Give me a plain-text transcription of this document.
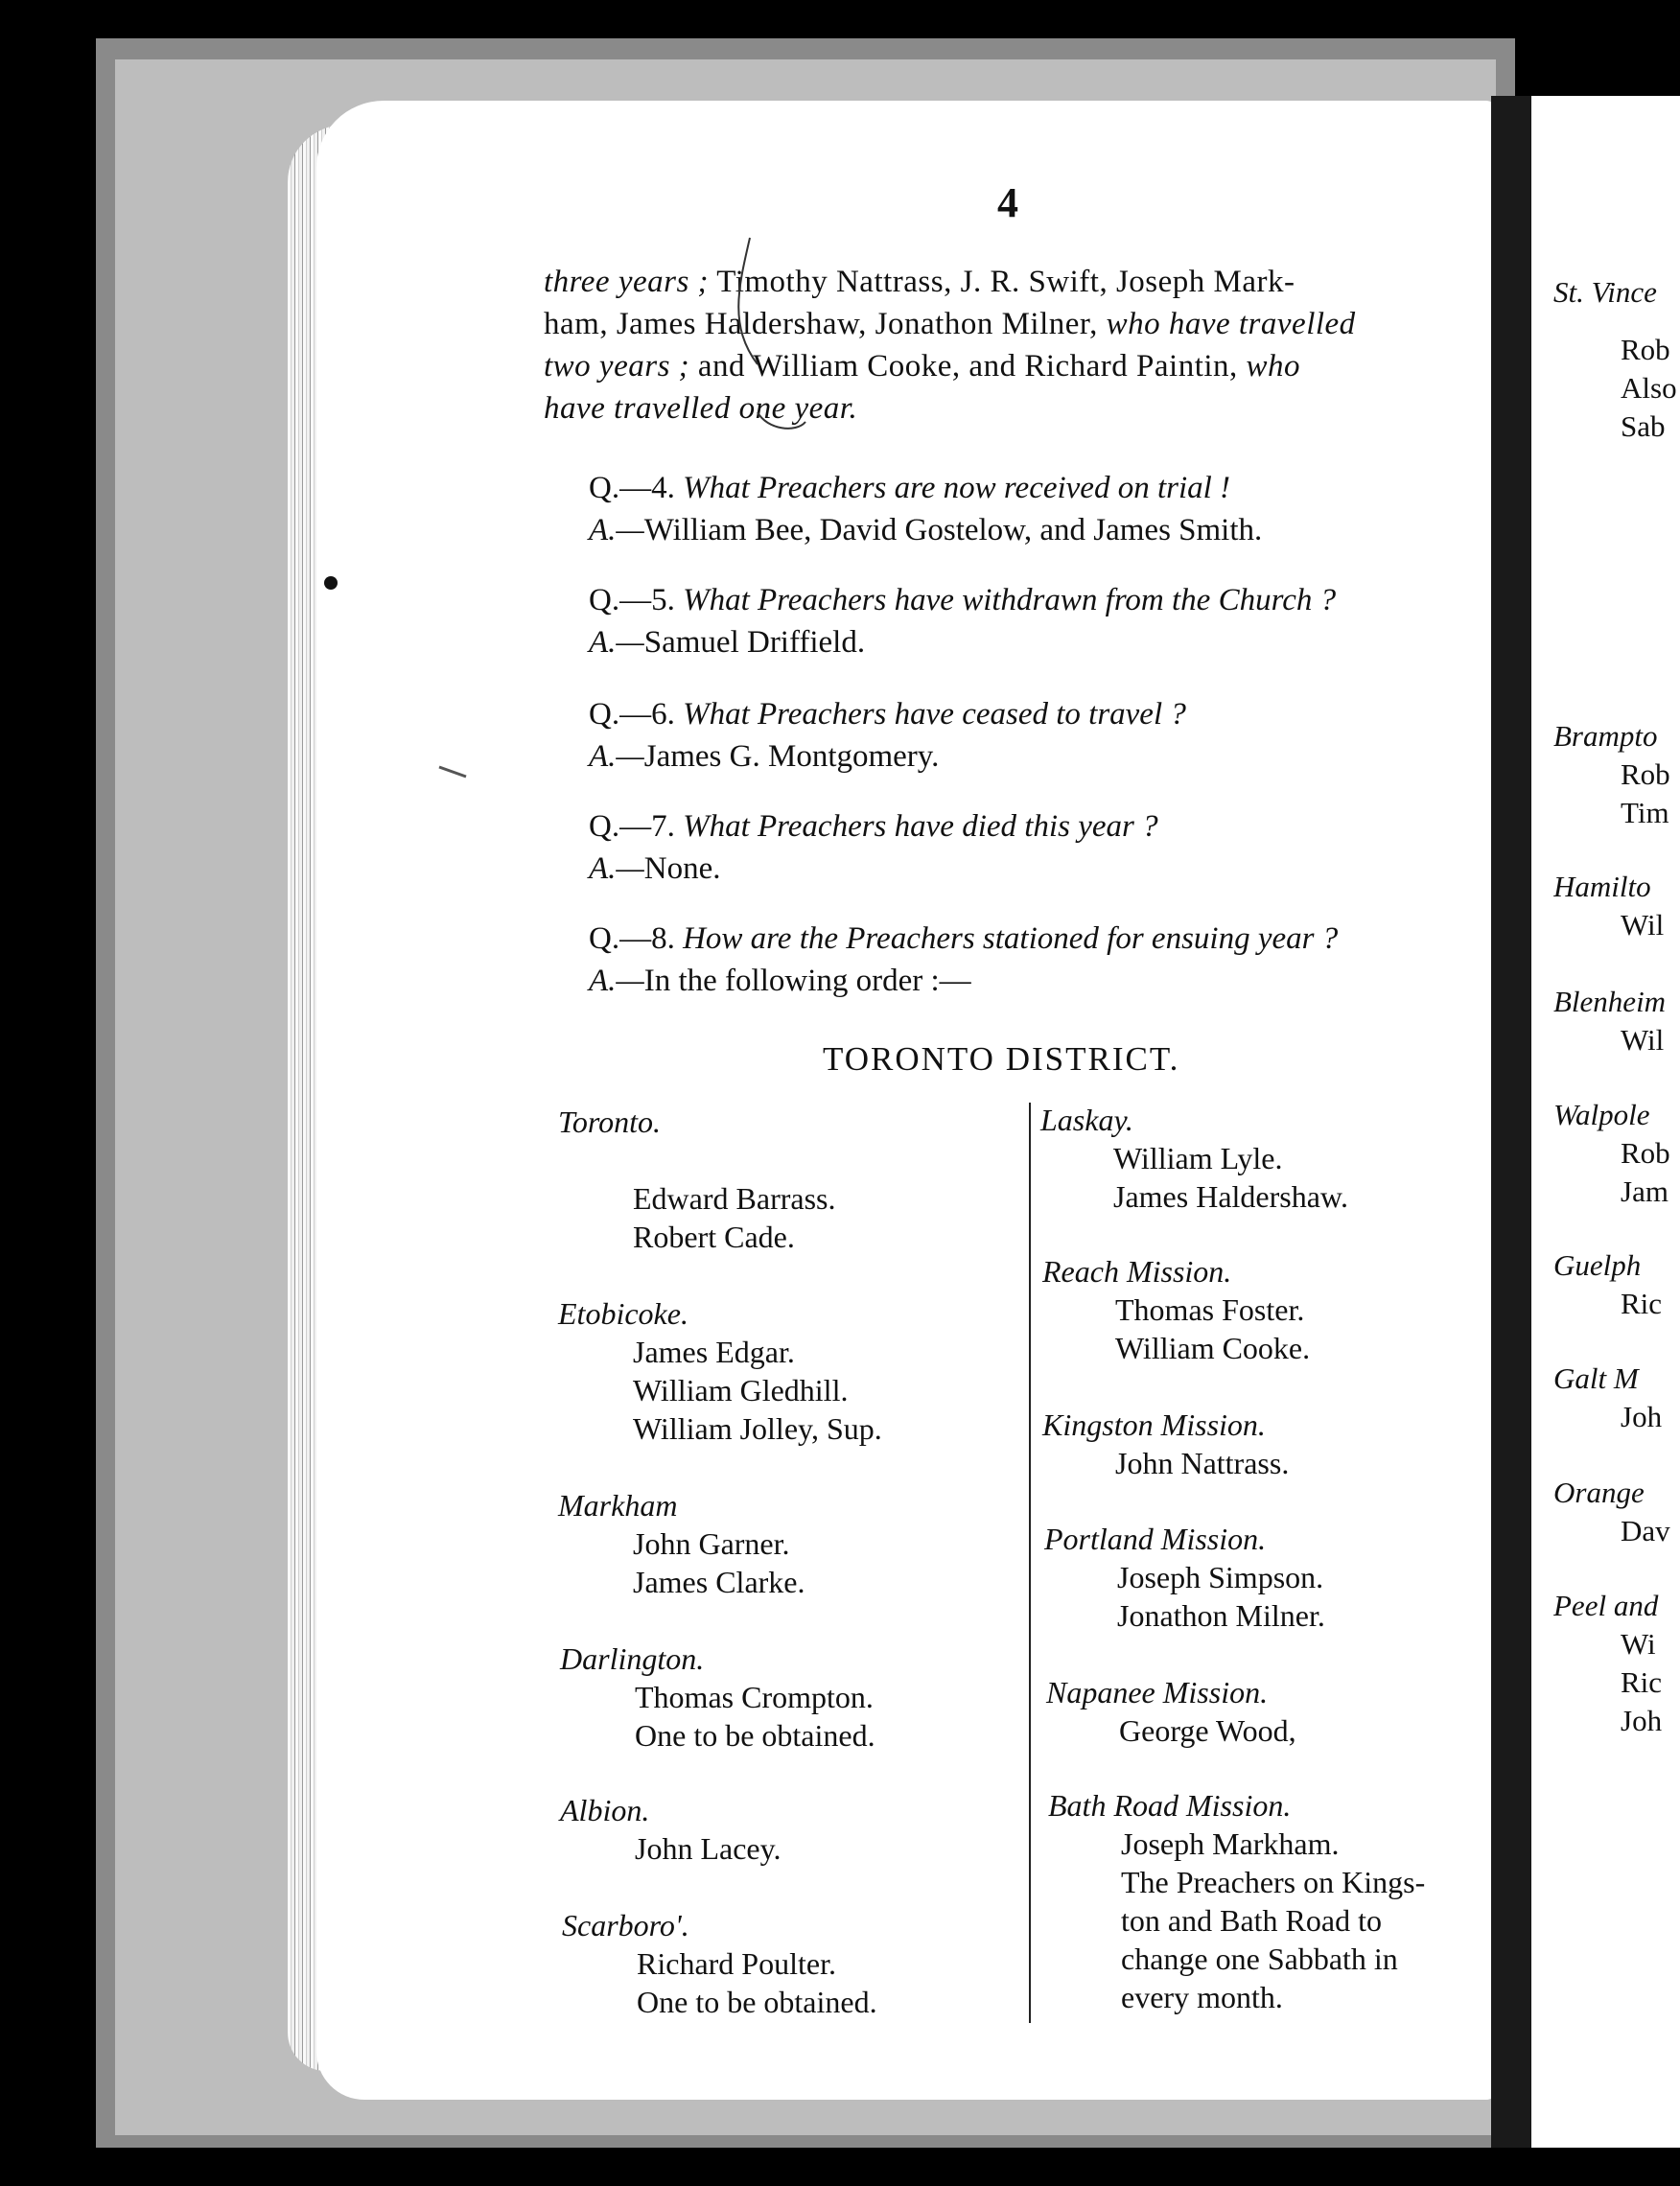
4
three years ; Timothy Nattrass, J. R. Swift, Joseph Mark-
ham, James Haldershaw, Jonathon Milner, who have travelled
two years ; and William Cooke, and Richard Paintin, who
have travelled one year.
Q.—4. What Preachers are now received on trial !
A.—William Bee, David Gostelow, and James Smith.
Q.—5. What Preachers have withdrawn from the Church ?
A.—Samuel Driffield.
Q.—6. What Preachers have ceased to travel ?
A.—James G. Montgomery.
Q.—7. What Preachers have died this year ?
A.—None.
Q.—8. How are the Preachers stationed for ensuing year ?
A.—In the following order :—
TORONTO DISTRICT.
Toronto.

Edward Barrass.
Robert Cade.
Etobicoke.
James Edgar.
William Gledhill.
William Jolley, Sup.
Markham
John Garner.
James Clarke.
Darlington.
Thomas Crompton.
One to be obtained.
Albion.
John Lacey.
Scarboro'.
Richard Poulter.
One to be obtained.
Laskay.
William Lyle.
James Haldershaw.
Reach Mission.
Thomas Foster.
William Cooke.
Kingston Mission.
John Nattrass.
Portland Mission.
Joseph Simpson.
Jonathon Milner.
Napanee Mission.
George Wood,
Bath Road Mission.
Joseph Markham.
The Preachers on Kings-
ton and Bath Road to
change one Sabbath in
every month.
St. Vince
Rob
Also
Sab
Brampto
Rob
Tim
Hamilto
Wil
Blenheim
Wil
Walpole
Rob
Jam
Guelph
Ric
Galt M
Joh
Orange
Dav
Peel and
Wi
Ric
Joh
